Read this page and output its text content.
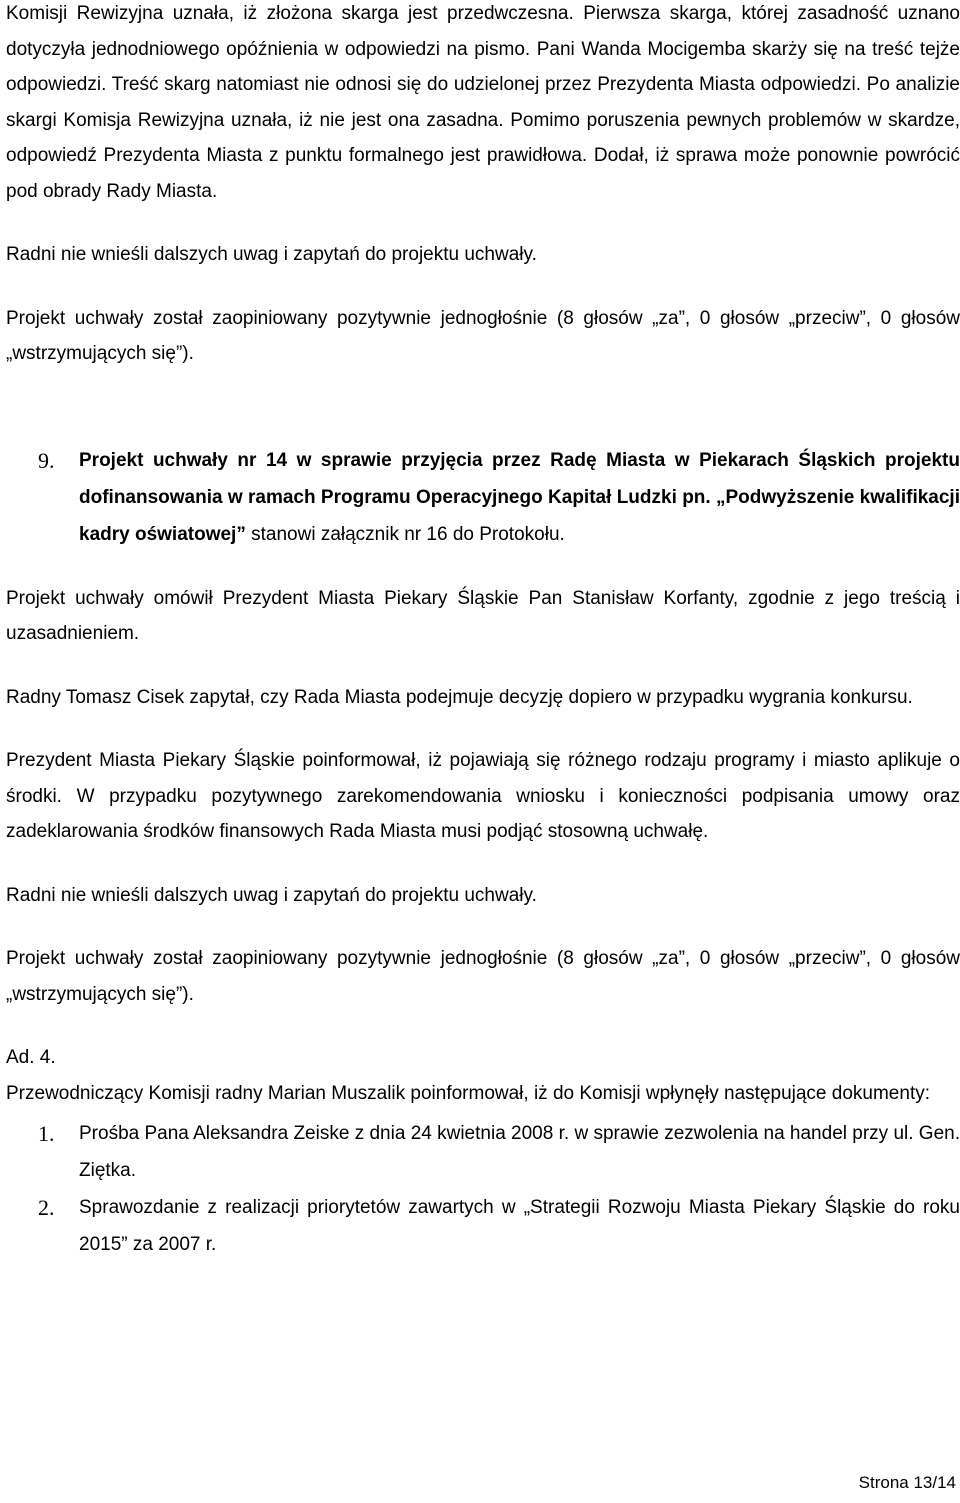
Komisji Rewizyjna uznała, iż złożona skarga jest przedwczesna. Pierwsza skarga, której zasadność uznano dotyczyła jednodniowego opóźnienia w odpowiedzi na pismo. Pani Wanda Mocigemba skarży się na treść tejże odpowiedzi. Treść skarg natomiast nie odnosi się do udzielonej przez Prezydenta Miasta odpowiedzi. Po analizie skargi Komisja Rewizyjna uznała, iż nie jest ona zasadna. Pomimo poruszenia pewnych problemów w skardze, odpowiedź Prezydenta Miasta z punktu formalnego jest prawidłowa. Dodał, iż sprawa może ponownie powrócić pod obrady Rady Miasta.

Radni nie wnieśli dalszych uwag i zapytań do projektu uchwały.

Projekt uchwały został zaopiniowany pozytywnie jednogłośnie (8 głosów „za”, 0 głosów „przeciw”, 0 głosów „wstrzymujących się”).

9. Projekt uchwały nr 14 w sprawie przyjęcia przez Radę Miasta w Piekarach Śląskich projektu dofinansowania w ramach Programu Operacyjnego Kapitał Ludzki pn. „Podwyższenie kwalifikacji kadry oświatowej” stanowi załącznik nr 16 do Protokołu.

Projekt uchwały omówił Prezydent Miasta Piekary Śląskie Pan Stanisław Korfanty, zgodnie z jego treścią i uzasadnieniem.

Radny Tomasz Cisek zapytał, czy Rada Miasta podejmuje decyzję dopiero w przypadku wygrania konkursu.

Prezydent Miasta Piekary Śląskie poinformował, iż pojawiają się różnego rodzaju programy i miasto aplikuje o środki. W przypadku pozytywnego zarekomendowania wniosku i konieczności podpisania umowy oraz zadeklarowania środków finansowych Rada Miasta musi podjąć stosowną uchwałę.

Radni nie wnieśli dalszych uwag i zapytań do projektu uchwały.

Projekt uchwały został zaopiniowany pozytywnie jednogłośnie (8 głosów „za”, 0 głosów „przeciw”, 0 głosów „wstrzymujących się”).

Ad. 4.

Przewodniczący Komisji radny Marian Muszalik poinformował, iż do Komisji wpłynęły następujące dokumenty:

1. Prośba Pana Aleksandra Zeiske z dnia 24 kwietnia 2008 r. w sprawie zezwolenia na handel przy ul. Gen. Ziętka.
2. Sprawozdanie z realizacji priorytetów zawartych w „Strategii Rozwoju Miasta Piekary Śląskie do roku 2015” za 2007 r.
Strona 13/14
